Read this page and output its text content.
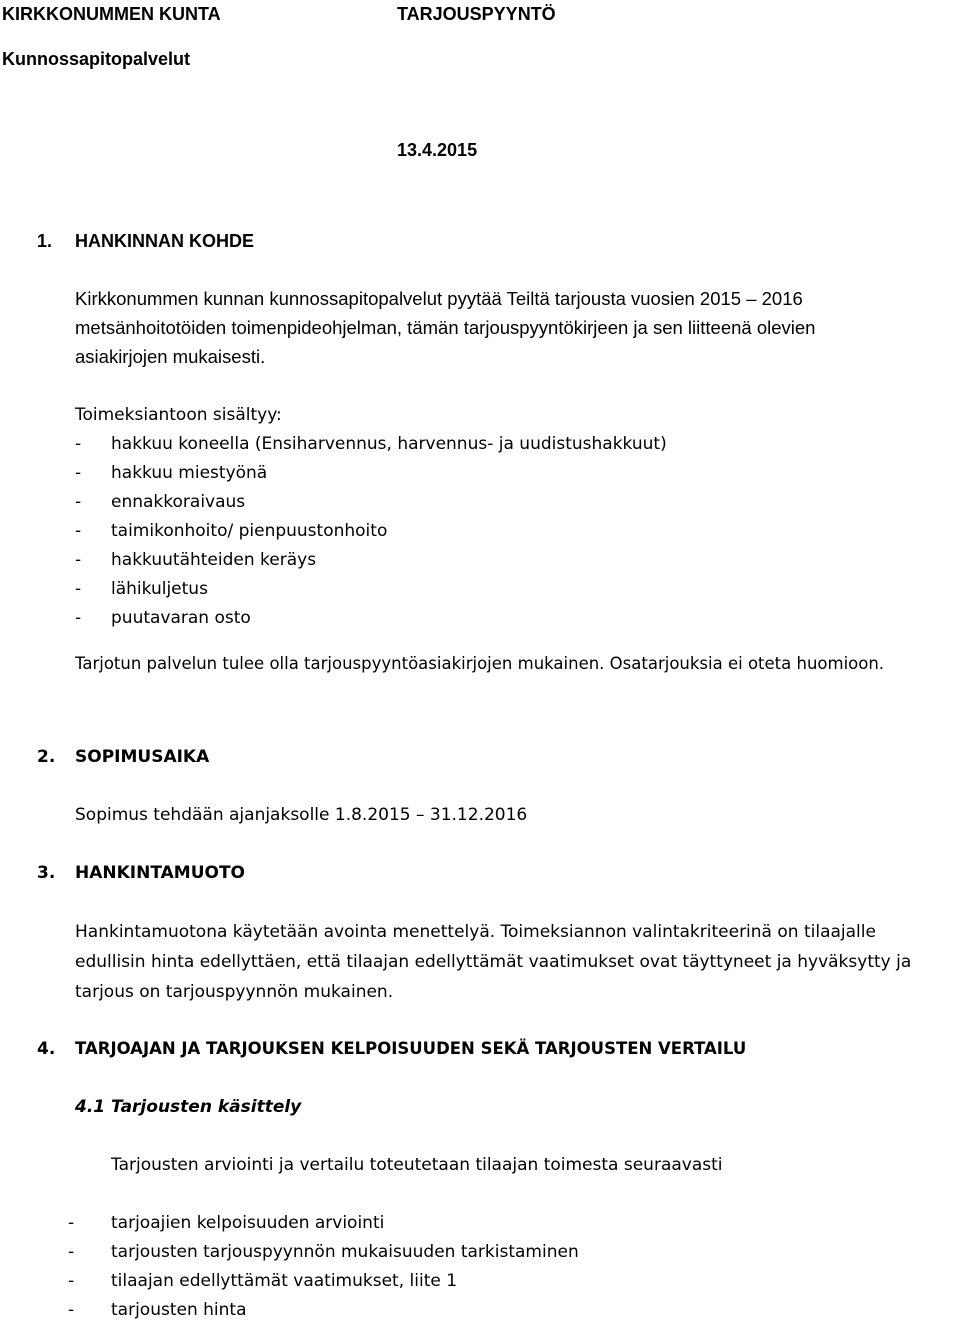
KIRKKONUMMEN KUNTA	TARJOUSPYYNTÖ
Kunnossapitopalvelut
13.4.2015
1. HANKINNAN KOHDE
Kirkkonummen kunnan kunnossapitopalvelut pyytää Teiltä tarjousta vuosien 2015 – 2016
metsänhoitotöiden toimenpideohjelman, tämän tarjouspyyntökirjeen ja sen liitteenä olevien
asiakirjojen mukaisesti.
Toimeksiantoon sisältyy:
- hakkuu koneella (Ensiharvennus, harvennus- ja uudistushakkuut)
- hakkuu miestyönä
- ennakkoraivaus
- taimikonhoito/ pienpuustonhoito
- hakkuutähteiden keräys
- lähikuljetus
- puutavaran osto
Tarjotun palvelun tulee olla tarjouspyyntöasiakirjojen mukainen. Osatarjouksia ei oteta huomioon.
2. SOPIMUSAIKA
Sopimus tehdään ajanjaksolle 1.8.2015 – 31.12.2016
3. HANKINTAMUOTO
Hankintamuotona käytetään avointa menettelyä. Toimeksiannon valintakriteerinä on tilaajalle
edullisin hinta edellyttäen, että tilaajan edellyttämät vaatimukset ovat täyttyneet ja hyväksytty ja
tarjous on tarjouspyynnön mukainen.
4. TARJOAJAN JA TARJOUKSEN KELPOISUUDEN SEKÄ TARJOUSTEN VERTAILU
4.1 Tarjousten käsittely
Tarjousten arviointi ja vertailu toteutetaan tilaajan toimesta seuraavasti
- tarjoajien kelpoisuuden arviointi
- tarjousten tarjouspyynnön mukaisuuden tarkistaminen
- tilaajan edellyttämät vaatimukset, liite 1
- tarjousten hinta
